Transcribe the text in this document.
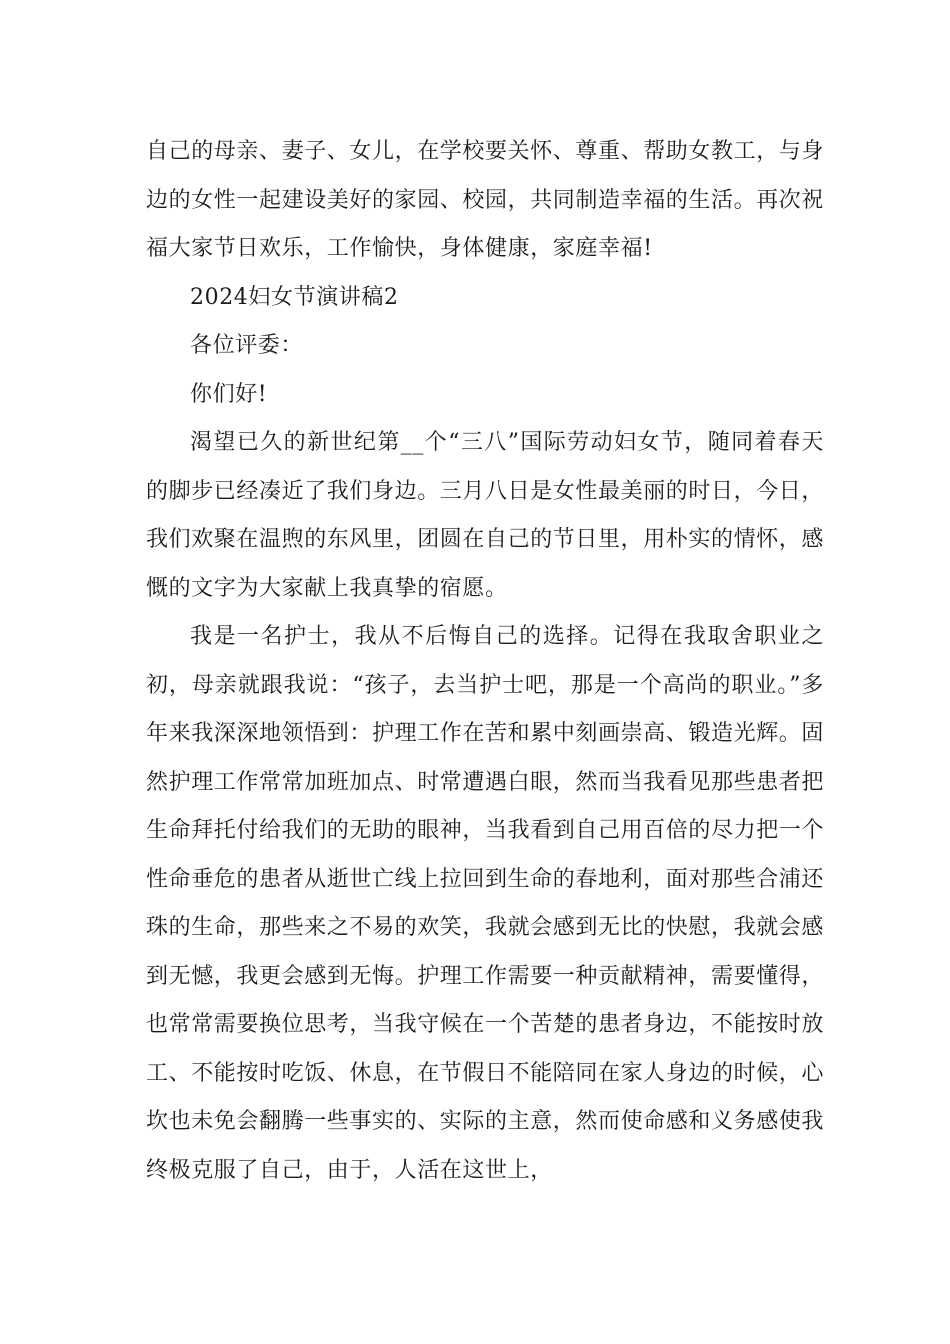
自己的母亲、妻子、女儿，在学校要关怀、尊重、帮助女教工，与身边的女性一起建设美好的家园、校园，共同制造幸福的生活。再次祝福大家节日欢乐，工作愉快，身体健康，家庭幸福!

2024妇女节演讲稿2

各位评委：

你们好!

渴望已久的新世纪第__个“三八”国际劳动妇女节，随同着春天的脚步已经凑近了我们身边。三月八日是女性最美丽的时日，今日，我们欢聚在温煦的东风里，团圆在自己的节日里，用朴实的情怀，感慨的文字为大家献上我真挚的宿愿。

我是一名护士，我从不后悔自己的选择。记得在我取舍职业之初，母亲就跟我说：“孩子，去当护士吧，那是一个高尚的职业。”多年来我深深地领悟到：护理工作在苦和累中刻画崇高、锻造光辉。固然护理工作常常加班加点、时常遭遇白眼，然而当我看见那些患者把生命拜托付给我们的无助的眼神，当我看到自己用百倍的尽力把一个性命垂危的患者从逝世亡线上拉回到生命的春地利，面对那些合浦还珠的生命，那些来之不易的欢笑，我就会感到无比的快慰，我就会感到无憾，我更会感到无悔。护理工作需要一种贡献精神，需要懂得，也常常需要换位思考，当我守候在一个苦楚的患者身边，不能按时放工、不能按时吃饭、休息，在节假日不能陪同在家人身边的时候，心坎也未免会翻腾一些事实的、实际的主意，然而使命感和义务感使我终极克服了自己，由于，人活在这世上，
